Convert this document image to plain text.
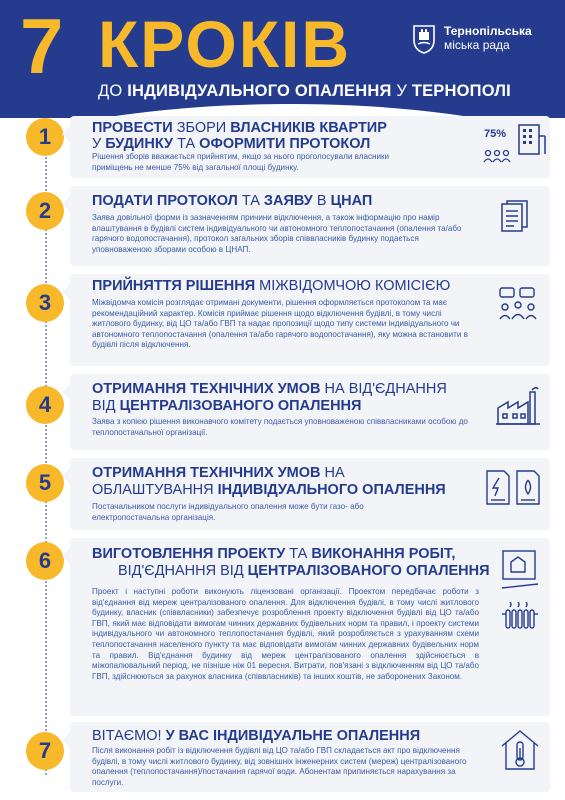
7 КРОКІВ
ДО ІНДИВІДУАЛЬНОГО ОПАЛЕННЯ У ТЕРНОПОЛІ
Тернопільська
міська рада
1	ПРОВЕСТИ ЗБОРИ ВЛАСНИКІВ КВАРТИР
У БУДИНКУ ТА ОФОРМИТИ ПРОТОКОЛ
Рішення зборів вважається прийнятим, якщо за нього проголосували власники приміщень не менше 75% від загальної площі будинку.
75%
2	ПОДАТИ ПРОТОКОЛ ТА ЗАЯВУ В ЦНАП
Заява довільної форми із зазначенням причини відключення, а також інформацію про намір влаштування в будівлі систем індивідуального чи автономного теплопостачання (опалення та/або гарячого водопостачання), протокол загальних зборів співвласників будинку подається уповноваженою зборами особою в ЦНАП.
3
ПРИЙНЯТТЯ РІШЕННЯ МІЖВІДОМЧОЮ КОМІСІЄЮ
Міжвідомча комісія розглядає отримані документи, рішення оформляється протоколом та має рекомендаційний характер. Комісія приймає рішення щодо відключення будівлі, в тому числі житлового будинку, від ЦО та/або ГВП та надає пропозиції щодо типу системи індивідуального чи автономного теплопостачання (опалення та/або гарячого водопостачання), яку можна встановити в будівлі після відключення.
4
ОТРИМАННЯ ТЕХНІЧНИХ УМОВ НА ВІД'ЄДНАННЯ
ВІД ЦЕНТРАЛІЗОВАНОГО ОПАЛЕННЯ
Заява з копією рішення виконавчого комітету подається уповноваженою співвласниками особою до теплопостачальної організації.
5	ОТРИМАННЯ ТЕХНІЧНИХ УМОВ НА
ОБЛАШТУВАННЯ ІНДИВІДУАЛЬНОГО ОПАЛЕННЯ
Постачальником послуги індивідуального опалення може бути газо- або електропостачальна організація.
6	ВИГОТОВЛЕННЯ ПРОЕКТУ ТА ВИКОНАННЯ РОБІТ,
ВІД'ЄДНАННЯ ВІД ЦЕНТРАЛІЗОВАНОГО ОПАЛЕННЯ
Проект і наступні роботи виконують ліцензовані організації. Проектом передбачає роботи з від'єднання від мереж централізованого опалення. Для відключення будівлі, в тому числі житлового будинку, власник (співвласники) забезпечує розроблення проекту відключення будівлі від ЦО та/або ГВП, який має відповідати вимогам чинних державних будівельних норм та правил, і проекту системи індивідуального чи автономного теплопостачання будівлі, який розробляється з урахуванням схеми теплопостачання населеного пункту та має відповідати вимогам чинних державних будівельних норм та правил. Від'єднання будинку від мереж централізованого опалення здійснюється в міжопалювальний період, не пізніше ніж 01 вересня. Витрати, пов'язані з відключенням від ЦО та/або ГВП, здійснюються за рахунок власника (співвласників) та інших коштів, не заборонених Законом.
7
ВІТАЄМО! У ВАС ІНДИВІДУАЛЬНЕ ОПАЛЕННЯ
Після виконання робіт із відключення будівлі від ЦО та/або ГВП складається акт про відключення будівлі, в тому числі житлового будинку, від зовнішніх інженерних систем (мереж) централізованого опалення (теплопостачання)/постачання гарячої води. Абонентам припиняється нарахування за послуги.
